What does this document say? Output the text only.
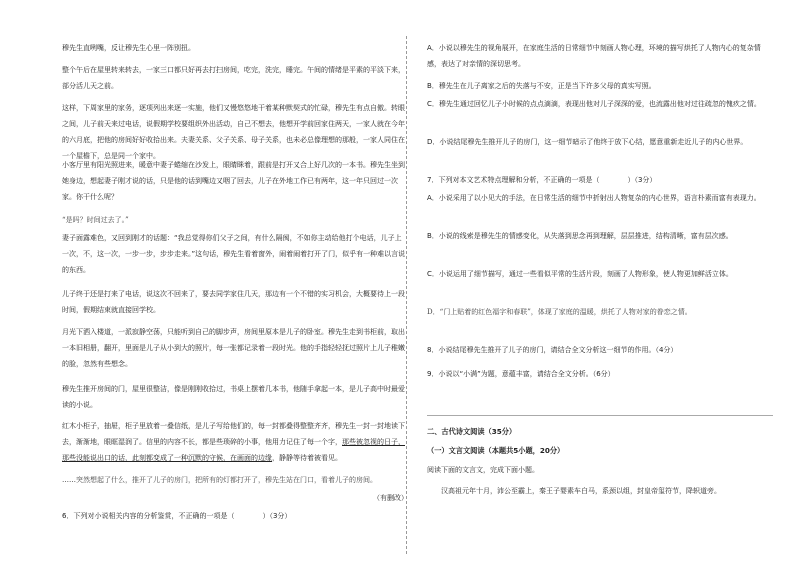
穆先生直咧嘴，反让穆先生心里一阵别扭。

整个午后在屋里转来转去，一家三口都只好再去打扫房间，吃完，洗完，睡完。午间的情绪是平素的平淡下来，部分活儿天之前。

这样，下周家里的家务，逐项列出来逐一实施，他们又慢悠悠地干着某种默契式的忙碌，穆先生有点自傲。转眼之间，儿子前天来过电话，说假期学校要组织外出活动，自己不想去，他想开学前回家住两天，一家人就在今年的六月底，把他的房间好好收拾出来。夫妻关系、父子关系、母子关系，也未必总像理想的那般，一家人同住在一个屋檐下，总是同一个家中。

小客厅里有阳光照进来，暖意中妻子蜷缩在沙发上，眼睛眯着，跟前是打开又合上好几次的一本书。穆先生坐到她身边，想起妻子刚才说的话，只是他的话到嘴边又咽了回去，儿子在外地工作已有两年，这一年只回过一次家。你干什么呢？

“是吗？时间过去了。”

妻子面露难色，又回到刚才的话题：“我总觉得你们父子之间，有什么隔阂，不如你主动给他打个电话，儿子上一次，不，这一次，一步一步，步步走来。”这句话，穆先生看着窗外，闹着闹着打开了门，似乎有一种难以言说的东西。

儿子终于还是打来了电话，说这次不回来了，要去同学家住几天，那边有一个不错的实习机会，大概要待上一段时间，假期结束就直接回学校。

月光下洒入楼道，一派寂静空荡，只能听到自己的脚步声，房间里原本是儿子的卧室。穆先生走到书柜前，取出一本旧相册，翻开，里面是儿子从小到大的照片，每一张都记录着一段时光。他的手指轻轻抚过照片上儿子稚嫩的脸，忽然有些想念。

穆先生推开房间的门，屋里很整洁，像是刚刚收拾过，书桌上摆着几本书，他随手拿起一本，是儿子高中时最爱读的小说。

红木小柜子，抽屉，柜子里放着一叠信纸，是儿子写给他们的，每一封都叠得整整齐齐，穆先生一封一封地读下去，渐渐地，眼眶湿润了。信里的内容不长，都是些琐碎的小事，他用力记住了每一个字，那些被忽视的日子，那些没能说出口的话，此刻都变成了一种沉默的守候，在画面的边缘，静静等待着被看见。

……突然想起了什么，推开了儿子的房门，把所有的灯都打开了，穆先生站在门口，看着儿子的房间。

（有删改）

6．下列对小说相关内容的分析鉴赏，不正确的一项是（　　　　）（3分）

A．小说以穆先生的视角展开，在家庭生活的日常细节中刻画人物心理，环境的描写烘托了人物内心的复杂情感，表达了对亲情的深切思考。

B．穆先生在儿子离家之后的失落与不安，正是当下许多父母的真实写照。

C．穆先生通过回忆儿子小时候的点点滴滴，表现出他对儿子深深的爱，也流露出他对过往疏忽的愧疚之情。

D．小说结尾穆先生推开儿子的房门，这一细节暗示了他终于放下心结，愿意重新走近儿子的内心世界。

7．下列对本文艺术特点理解和分析，不正确的一项是（　　　　）（3分）

A．小说采用了以小见大的手法，在日常生活的细节中折射出人物复杂的内心世界，语言朴素而富有表现力。

B．小说的线索是穆先生的情感变化，从失落到思念再到理解，层层推进，结构清晰，富有层次感。

C．小说运用了细节描写，通过一些看似平常的生活片段，刻画了人物形象，使人物更加鲜活立体。

D．“门上贴着的红色福字和春联”，体现了家庭的温暖，烘托了人物对家的眷恋之情。

8．小说结尾穆先生推开了儿子的房门，请结合全文分析这一细节的作用。（4分）

9．小说以“小满”为题，意蕴丰富，请结合全文分析。（6分）

二、古代诗文阅读（35分）

（一）文言文阅读（本题共5小题，20分）

阅读下面的文言文，完成下面小题。

汉高祖元年十月，沛公至霸上，秦王子婴素车白马，系颈以组，封皇帝玺符节，降轵道旁。
